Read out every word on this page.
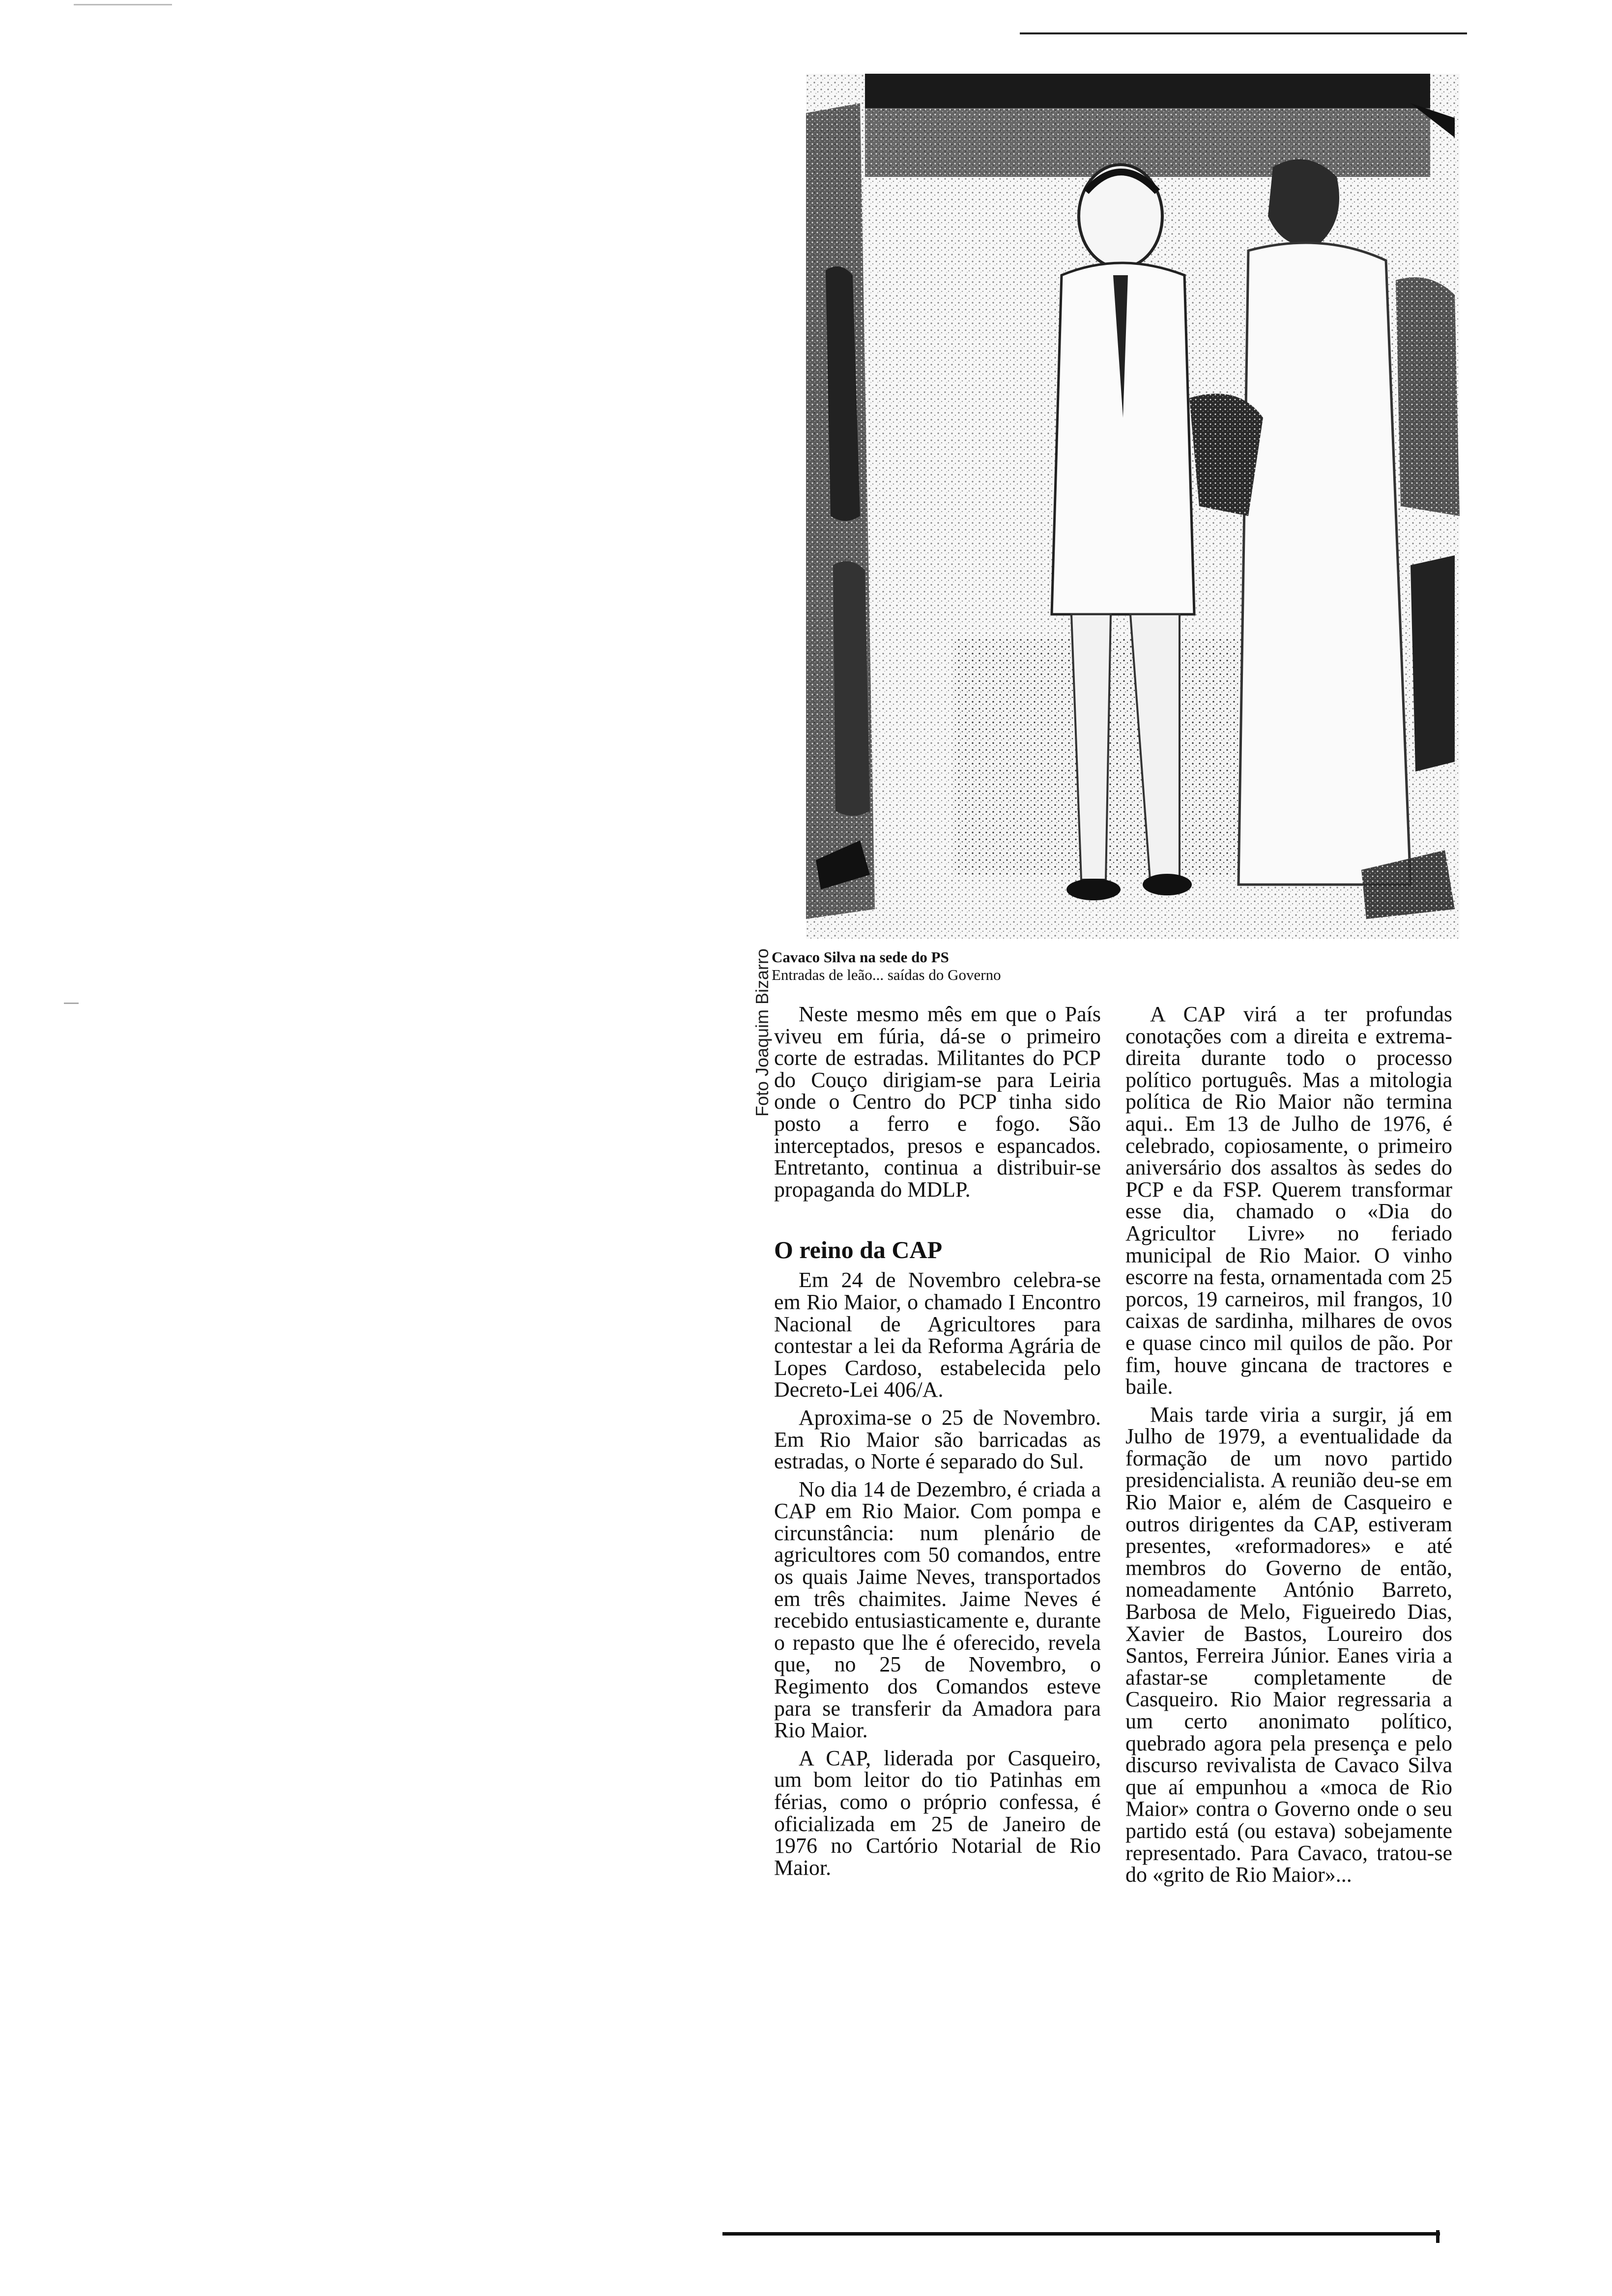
Foto Joaquim Bizarro Cavaco Silva na sede do PS
Entradas de leão... saídas do Governo

Neste mesmo mês em que o País viveu em fúria, dá-se o primeiro corte de estradas. Militantes do PCP do Couço dirigiam-se para Leiria onde o Centro do PCP tinha sido posto a ferro e fogo. São interceptados, presos e espancados. Entretanto, continua a distribuir-se propaganda do MDLP.

O reino da CAP

Em 24 de Novembro celebra-se em Rio Maior, o chamado I Encontro Nacional de Agricultores para contestar a lei da Reforma Agrária de Lopes Cardoso, estabelecida pelo Decreto-Lei 406/A.

Aproxima-se o 25 de Novembro. Em Rio Maior são barricadas as estradas, o Norte é separado do Sul.

No dia 14 de Dezembro, é criada a CAP em Rio Maior. Com pompa e circunstância: num plenário de agricultores com 50 comandos, entre os quais Jaime Neves, transportados em três chaimites. Jaime Neves é recebido entusiasticamente e, durante o repasto que lhe é oferecido, revela que, no 25 de Novembro, o Regimento dos Comandos esteve para se transferir da Amadora para Rio Maior.

A CAP, liderada por Casqueiro, um bom leitor do tio Patinhas em férias, como o próprio confessa, é oficializada em 25 de Janeiro de 1976 no Cartório Notarial de Rio Maior.

A CAP virá a ter profundas conotações com a direita e extrema-direita durante todo o processo político português. Mas a mitologia política de Rio Maior não termina aqui.. Em 13 de Julho de 1976, é celebrado, copiosamente, o primeiro aniversário dos assaltos às sedes do PCP e da FSP. Querem transformar esse dia, chamado o «Dia do Agricultor Livre» no feriado municipal de Rio Maior. O vinho escorre na festa, ornamentada com 25 porcos, 19 carneiros, mil frangos, 10 caixas de sardinha, milhares de ovos e quase cinco mil quilos de pão. Por fim, houve gincana de tractores e baile.

Mais tarde viria a surgir, já em Julho de 1979, a eventualidade da formação de um novo partido presidencialista. A reunião deu-se em Rio Maior e, além de Casqueiro e outros dirigentes da CAP, estiveram presentes, «reformadores» e até membros do Governo de então, nomeadamente António Barreto, Barbosa de Melo, Figueiredo Dias, Xavier de Bastos, Loureiro dos Santos, Ferreira Júnior. Eanes viria a afastar-se completamente de Casqueiro. Rio Maior regressaria a um certo anonimato político, quebrado agora pela presença e pelo discurso revivalista de Cavaco Silva que aí empunhou a «moca de Rio Maior» contra o Governo onde o seu partido está (ou estava) sobejamente representado. Para Cavaco, tratou-se do «grito de Rio Maior»...
